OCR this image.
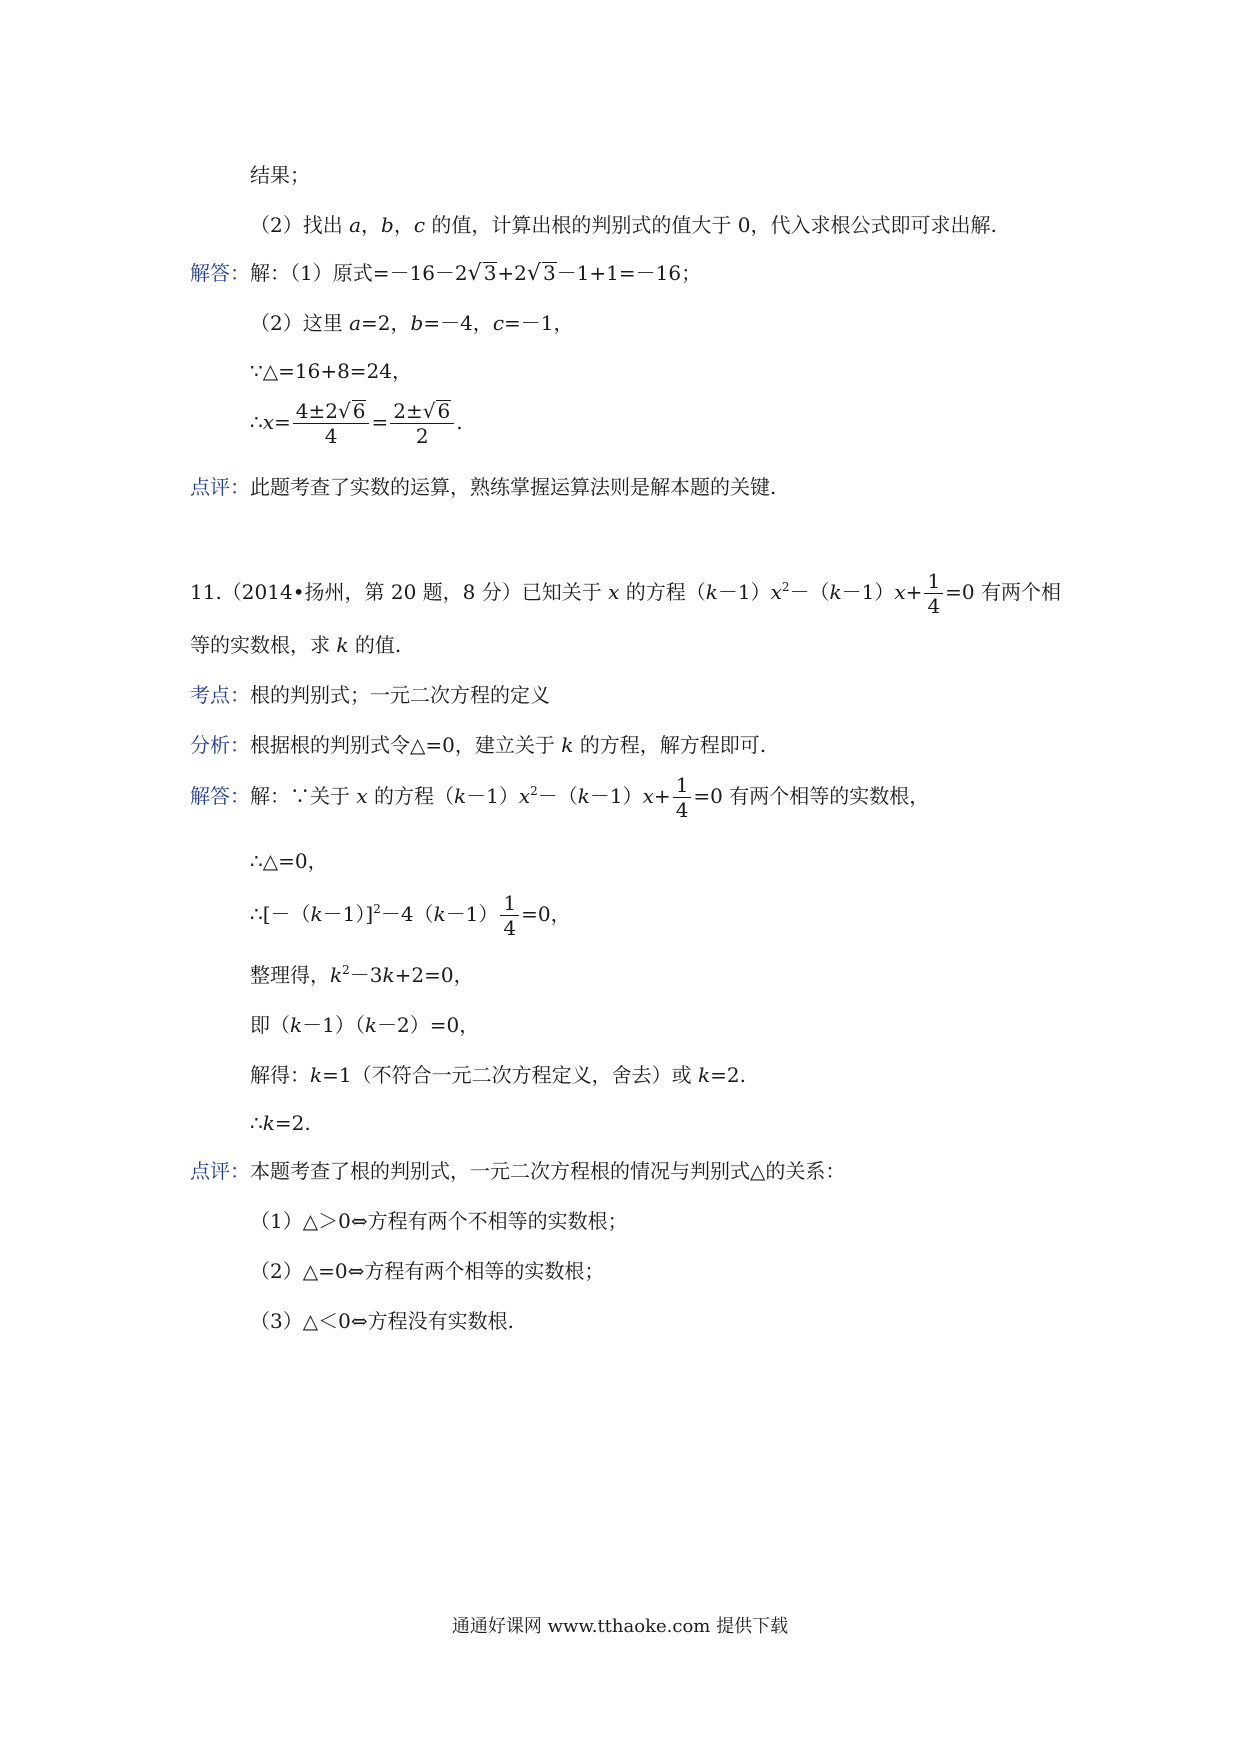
结果；
（2）找出 a，b，c 的值，计算出根的判别式的值大于 0，代入求根公式即可求出解.
解答：解：（1）原式=－16－2√ 3+2√ 3－1+1=－16；
（2）这里 a=2，b=－4，c=－1，
∵△=16+8=24，
∴x= $\frac{4\pm 2√ 6}{4} = \frac{2\pm√ 6}{2}$ .
点评：此题考查了实数的运算，熟练掌握运算法则是解本题的关键.
11.（2014•扬州，第 20 题，8 分）已知关于 x 的方程$(k-1)x^2-(k-1)x+ \frac{1}{4} =0$ 有两个相
等的实数根，求 k 的值.
考点：根的判别式；一元二次方程的定义
分析：根据根的判别式令△=0，建立关于 k 的方程，解方程即可.
解答：解：∵关于 x 的方程$(k-1)x^2-(k-1)x+ \frac{1}{4} =0$ 有两个相等的实数根，
∴△=0，
$\therefore[-(k-1)]^2-4(k-1) \frac{1}{4} =0$，
整理得，$k^2-3k+2=0$，
即（k－1）（k－2）=0，
解得：k=1（不符合一元二次方程定义，舍去）或 k=2.
∴k=2.
点评：本题考查了根的判别式，一元二次方程根的情况与判别式△的关系：
（1）△＞0⇔方程有两个不相等的实数根；
（2）△=0⇔方程有两个相等的实数根；
（3）△＜0⇔方程没有实数根.
通通好课网 www.tthaoke.com 提供下载
